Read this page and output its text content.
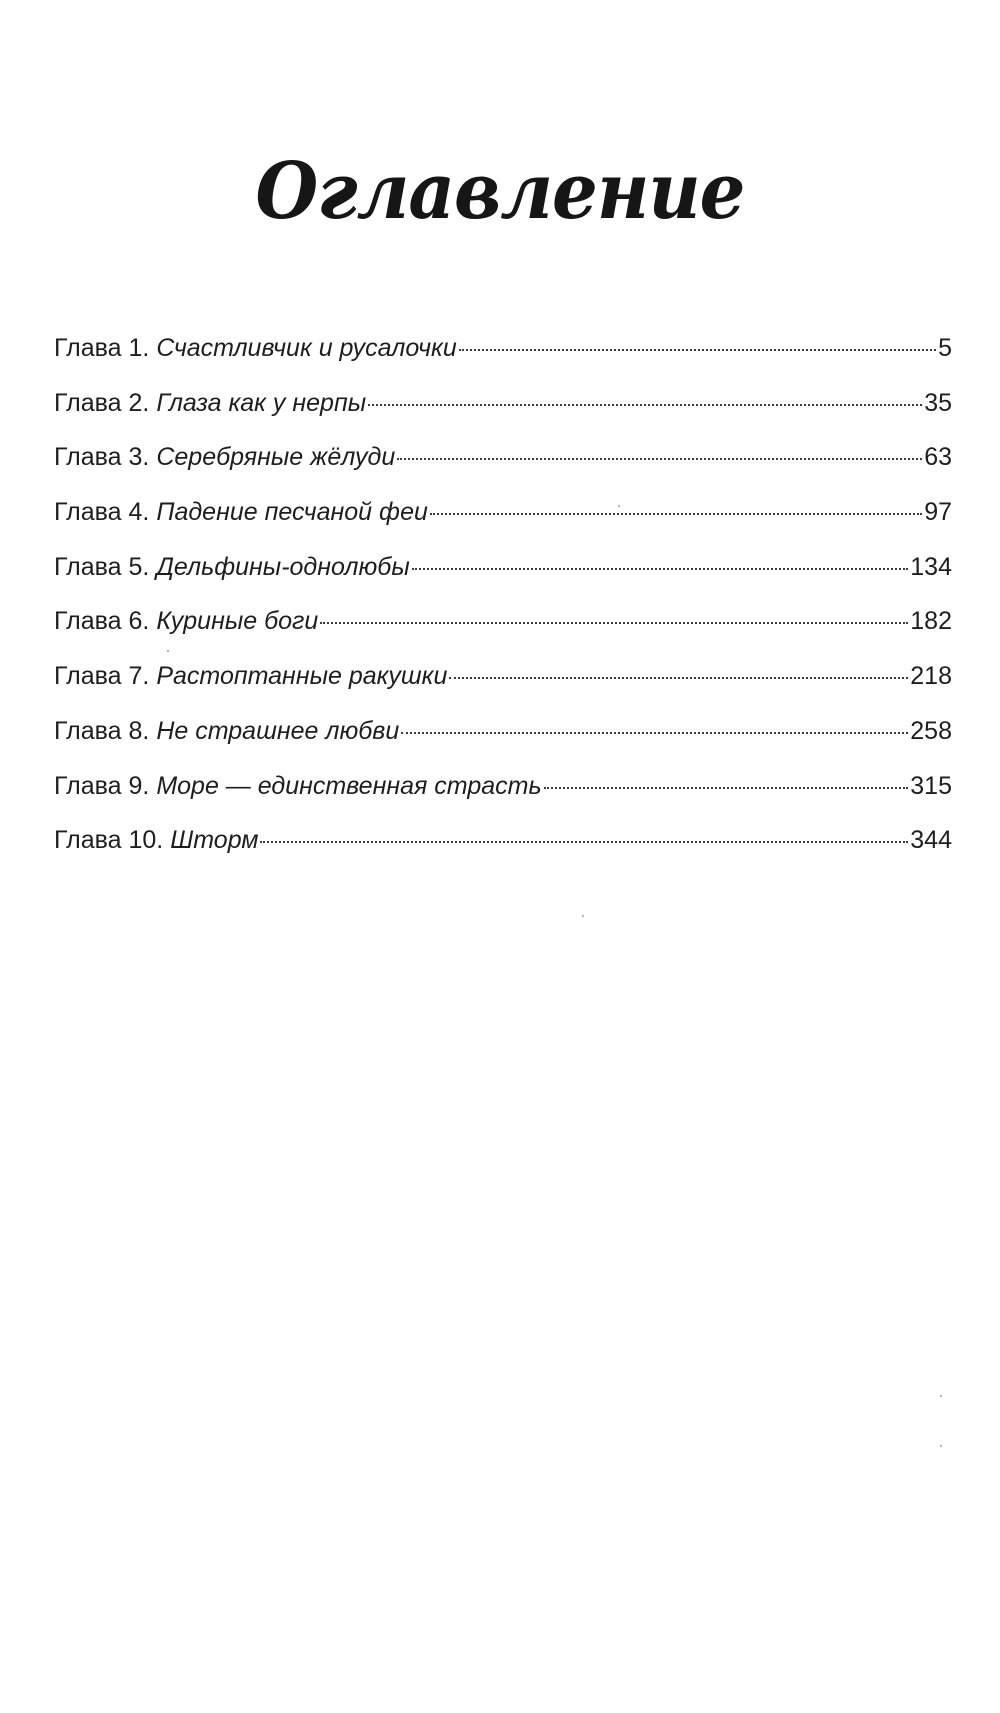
Оглавление
Глава 1. Счастливчик и русалочки	5
Глава 2. Глаза как у нерпы	35
Глава 3. Серебряные жёлуди	63
Глава 4. Падение песчаной феи	97
Глава 5. Дельфины-однолюбы	134
Глава 6. Куриные боги	182
Глава 7. Растоптанные ракушки	218
Глава 8. Не страшнее любви	258
Глава 9. Море — единственная страсть	315
Глава 10. Шторм	344
